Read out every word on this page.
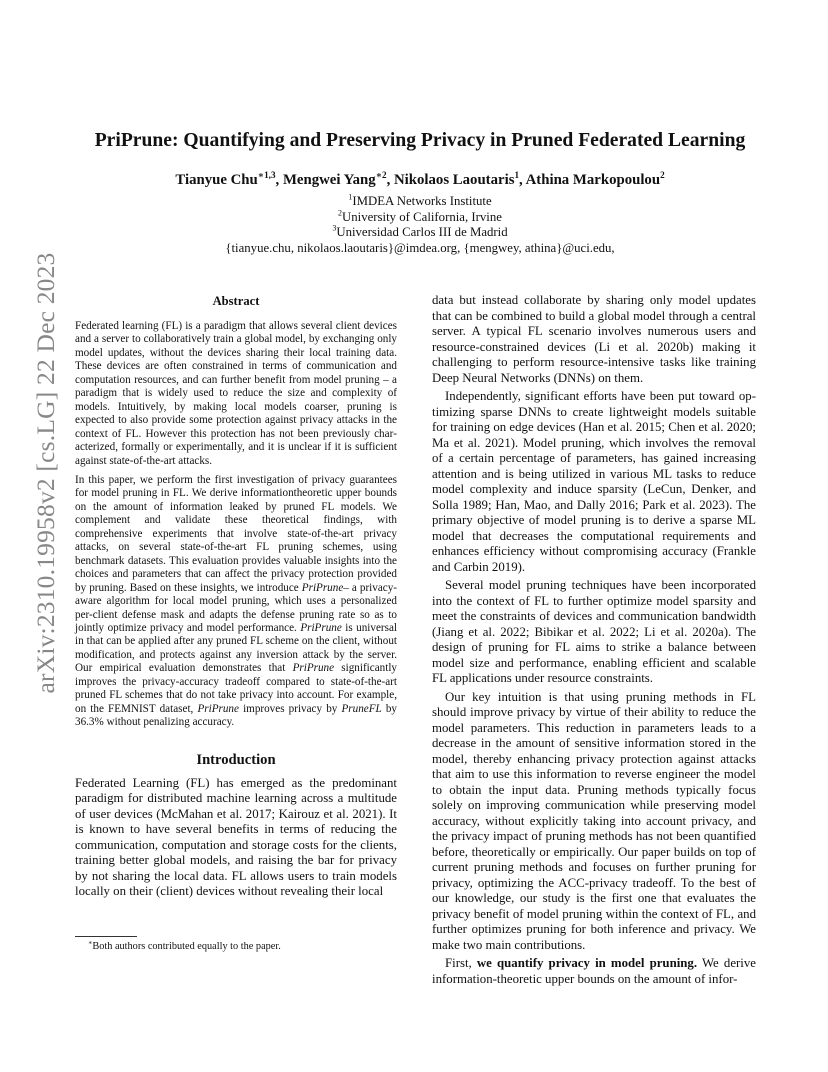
arXiv:2310.19958v2 [cs.LG] 22 Dec 2023
PriPrune: Quantifying and Preserving Privacy in Pruned Federated Learning
Tianyue Chu$^{∗1,3}$, Mengwei Yang$^{∗2}$, Nikolaos Laoutaris$^1$, Athina Markopoulou$^2$
$^1$IMDEA Networks Institute
$^2$University of California, Irvine
$^3$Universidad Carlos III de Madrid
{tianyue.chu, nikolaos.laoutaris}@imdea.org, {mengwey, athina}@uci.edu,
Abstract

Federated learning (FL) is a paradigm that allows several client devices and a server to collaboratively train a global model, by exchanging only model updates, without the devices sharing their local training data. These devices are often constrained in terms of communication and computation resources, and can further benefit from model pruning – a paradigm that is widely used to reduce the size and complexity of models. Intuitively, by making local models coarser, pruning is expected to also provide some protection against privacy attacks in the context of FL. However this protection has not been previously characterized, formally or experimentally, and it is unclear if it is sufficient against state-of-the-art attacks.

In this paper, we perform the first investigation of privacy guarantees for model pruning in FL. We derive informationtheoretic upper bounds on the amount of information leaked by pruned FL models. We complement and validate these theoretical findings, with comprehensive experiments that involve state-of-the-art privacy attacks, on several state-of-the-art FL pruning schemes, using benchmark datasets. This evaluation provides valuable insights into the choices and parameters that can affect the privacy protection provided by pruning. Based on these insights, we introduce PriPrune– a privacy-aware algorithm for local model pruning, which uses a personalized per-client defense mask and adapts the defense pruning rate so as to jointly optimize privacy and model performance. PriPrune is universal in that can be applied after any pruned FL scheme on the client, without modification, and protects against any inversion attack by the server. Our empirical evaluation demonstrates that PriPrune significantly improves the privacy-accuracy tradeoff compared to state-of-the-art pruned FL schemes that do not take privacy into account. For example, on the FEMNIST dataset, PriPrune improves privacy by PruneFL by 36.3% without penalizing accuracy.

Introduction

Federated Learning (FL) has emerged as the predominant paradigm for distributed machine learning across a multitude of user devices (McMahan et al. 2017; Kairouz et al. 2021). It is known to have several benefits in terms of reducing the communication, computation and storage costs for the clients, training better global models, and raising the bar for privacy by not sharing the local data. FL allows users to train models locally on their (client) devices without revealing their local

∗Both authors contributed equally to the paper.

data but instead collaborate by sharing only model updates that can be combined to build a global model through a central server. A typical FL scenario involves numerous users and resource-constrained devices (Li et al. 2020b) making it challenging to perform resource-intensive tasks like training Deep Neural Networks (DNNs) on them.

Independently, significant efforts have been put toward optimizing sparse DNNs to create lightweight models suitable for training on edge devices (Han et al. 2015; Chen et al. 2020; Ma et al. 2021). Model pruning, which involves the removal of a certain percentage of parameters, has gained increasing attention and is being utilized in various ML tasks to reduce model complexity and induce sparsity (LeCun, Denker, and Solla 1989; Han, Mao, and Dally 2016; Park et al. 2023). The primary objective of model pruning is to derive a sparse ML model that decreases the computational requirements and enhances efficiency without compromising accuracy (Frankle and Carbin 2019).

Several model pruning techniques have been incorporated into the context of FL to further optimize model sparsity and meet the constraints of devices and communication bandwidth (Jiang et al. 2022; Bibikar et al. 2022; Li et al. 2020a). The design of pruning for FL aims to strike a balance between model size and performance, enabling efficient and scalable FL applications under resource constraints.

Our key intuition is that using pruning methods in FL should improve privacy by virtue of their ability to reduce the model parameters. This reduction in parameters leads to a decrease in the amount of sensitive information stored in the model, thereby enhancing privacy protection against attacks that aim to use this information to reverse engineer the model to obtain the input data. Pruning methods typically focus solely on improving communication while preserving model accuracy, without explicitly taking into account privacy, and the privacy impact of pruning methods has not been quantified before, theoretically or empirically. Our paper builds on top of current pruning methods and focuses on further pruning for privacy, optimizing the ACC-privacy tradeoff. To the best of our knowledge, our study is the first one that evaluates the privacy benefit of model pruning within the context of FL, and further optimizes pruning for both inference and privacy. We make two main contributions.

First, we quantify privacy in model pruning. We derive information-theoretic upper bounds on the amount of infor-
